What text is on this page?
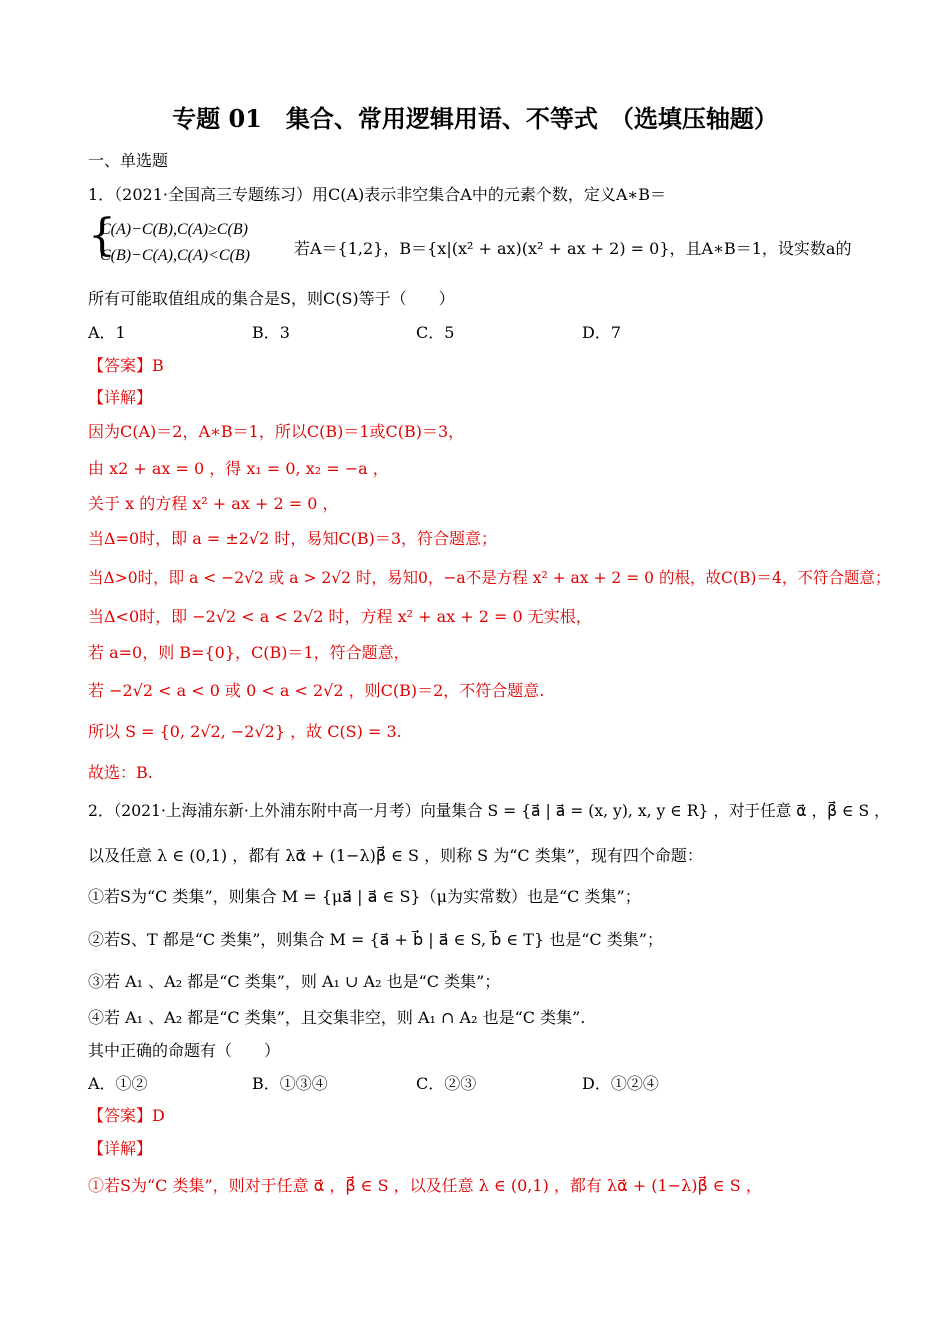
专题 01　集合、常用逻辑用语、不等式　（选填压轴题）
一、单选题
1．（2021·全国高三专题练习）用C(A)表示非空集合A中的元素个数，定义A∗B＝
{
C(A)−C(B),C(A)≥C(B)
C(B)−C(A),C(A)<C(B)	若A＝{1,2}，B＝{x|(x² + ax)(x² + ax + 2) = 0}，且A∗B＝1，设实数a的
所有可能取值组成的集合是S，则C(S)等于（　　）
A．1	B．3	C．5	D．7
【答案】B
【详解】
因为C(A)＝2，A∗B＝1，所以C(B)＝1或C(B)＝3，
由 x2 + ax = 0 ，得 x₁ = 0, x₂ = −a ，
关于 x 的方程 x² + ax + 2 = 0 ，
当Δ=0时，即 a = ±2√2 时，易知C(B)＝3，符合题意；
当Δ>0时，即 a < −2√2 或 a > 2√2 时，易知0，−a不是方程 x² + ax + 2 = 0 的根，故C(B)＝4，不符合题意；
当Δ<0时，即 −2√2 < a < 2√2 时，方程 x² + ax + 2 = 0 无实根，
若 a=0，则 B={0}，C(B)＝1，符合题意，
若 −2√2 < a < 0 或 0 < a < 2√2 ，则C(B)＝2，不符合题意.
所以 S = {0, 2√2, −2√2} ，故 C(S) = 3.
故选：B.
2．（2021·上海浦东新·上外浦东附中高一月考）向量集合 S = {a⃗ | a⃗ = (x, y), x, y ∈ R} ，对于任意 α⃗ ，β⃗ ∈ S ，
以及任意 λ ∈ (0,1) ，都有 λα⃗ + (1−λ)β⃗ ∈ S ，则称 S 为“C 类集”，现有四个命题：
①若S为“C 类集”，则集合 M = {μa⃗ | a⃗ ∈ S}（μ为实常数）也是“C 类集”；
②若S、T 都是“C 类集”，则集合 M = {a⃗ + b⃗ | a⃗ ∈ S, b⃗ ∈ T} 也是“C 类集”；
③若 A₁ 、A₂ 都是“C 类集”，则 A₁ ∪ A₂ 也是“C 类集”；
④若 A₁ 、A₂ 都是“C 类集”，且交集非空，则 A₁ ∩ A₂ 也是“C 类集”.
其中正确的命题有（　　）
A．①②	B．①③④	C．②③	D．①②④
【答案】D
【详解】
①若S为“C 类集”，则对于任意 α⃗ ，β⃗ ∈ S ，以及任意 λ ∈ (0,1) ，都有 λα⃗ + (1−λ)β⃗ ∈ S ，
